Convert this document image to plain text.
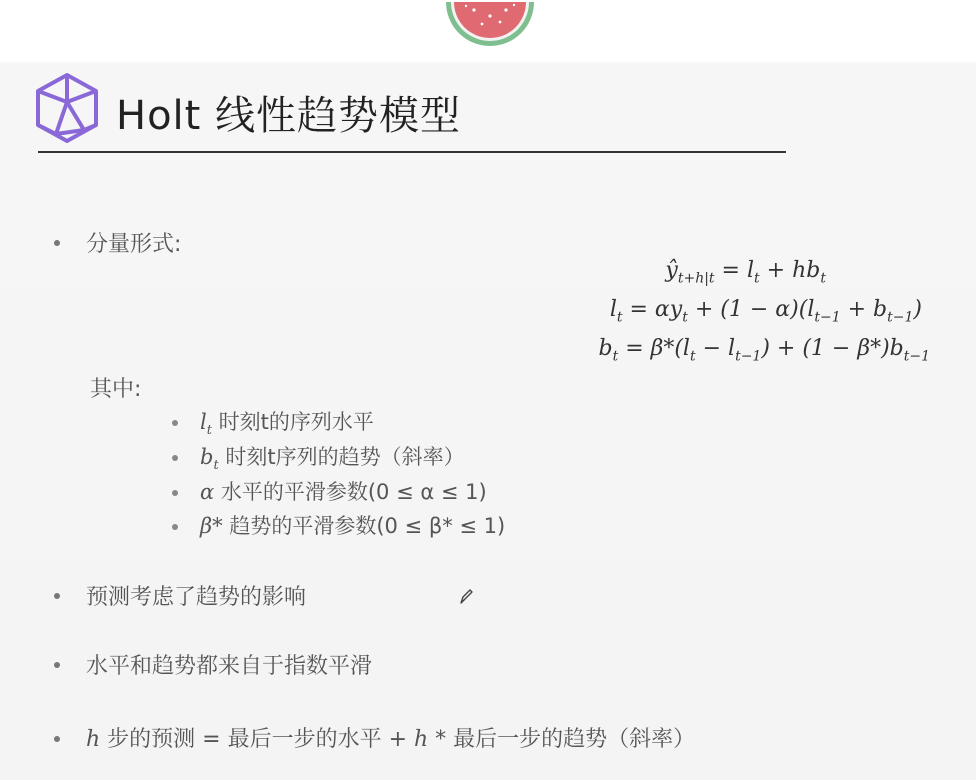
Holt 线性趋势模型
分量形式:
$ŷ_{t+h|t} = l_t + hb_t$
$l_t = \alpha y_t + (1 - \alpha)(l_{t-1} + b_{t-1})$
$b_t = \beta*(l_t - l_{t-1}) + (1 - \beta*)b_{t-1}$
其中:
$l_t$ 时刻t的序列水平
$b_t$ 时刻t序列的趋势（斜率）
α 水平的平滑参数(0 ≤ α ≤ 1)
β* 趋势的平滑参数(0 ≤ β* ≤ 1)
预测考虑了趋势的影响
水平和趋势都来自于指数平滑
h 步的预测 = 最后一步的水平 + h * 最后一步的趋势（斜率）
